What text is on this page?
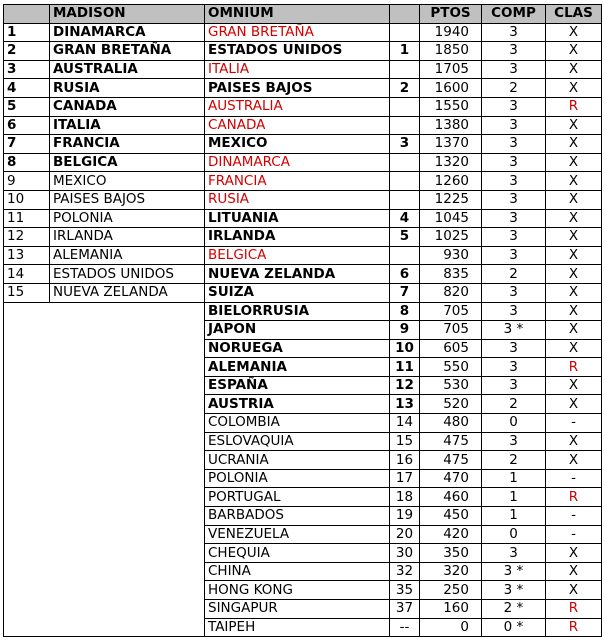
	MADISON	OMNIUM		PTOS	COMP	CLAS
1	DINAMARCA	GRAN BRETAÑA		1940	3	X
2	GRAN BRETAÑA	ESTADOS UNIDOS	1	1850	3	X
3	AUSTRALIA	ITALIA		1705	3	X
4	RUSIA	PAISES BAJOS	2	1600	2	X
5	CANADA	AUSTRALIA		1550	3	R
6	ITALIA	CANADA		1380	3	X
7	FRANCIA	MEXICO	3	1370	3	X
8	BELGICA	DINAMARCA		1320	3	X
9	MEXICO	FRANCIA		1260	3	X
10	PAISES BAJOS	RUSIA		1225	3	X
11	POLONIA	LITUANIA	4	1045	3	X
12	IRLANDA	IRLANDA	5	1025	3	X
13	ALEMANIA	BELGICA		930	3	X
14	ESTADOS UNIDOS	NUEVA ZELANDA	6	835	2	X
15	NUEVA ZELANDA	SUIZA	7	820	3	X
		BIELORRUSIA	8	705	3	X
		JAPON	9	705	3 *	X
		NORUEGA	10	605	3	X
		ALEMANIA	11	550	3	R
		ESPAÑA	12	530	3	X
		AUSTRIA	13	520	2	X
		COLOMBIA	14	480	0	-
		ESLOVAQUIA	15	475	3	X
		UCRANIA	16	475	2	X
		POLONIA	17	470	1	-
		PORTUGAL	18	460	1	R
		BARBADOS	19	450	1	-
		VENEZUELA	20	420	0	-
		CHEQUIA	30	350	3	X
		CHINA	32	320	3 *	X
		HONG KONG	35	250	3 *	X
		SINGAPUR	37	160	2 *	R
		TAIPEH	--	0	0 *	R
